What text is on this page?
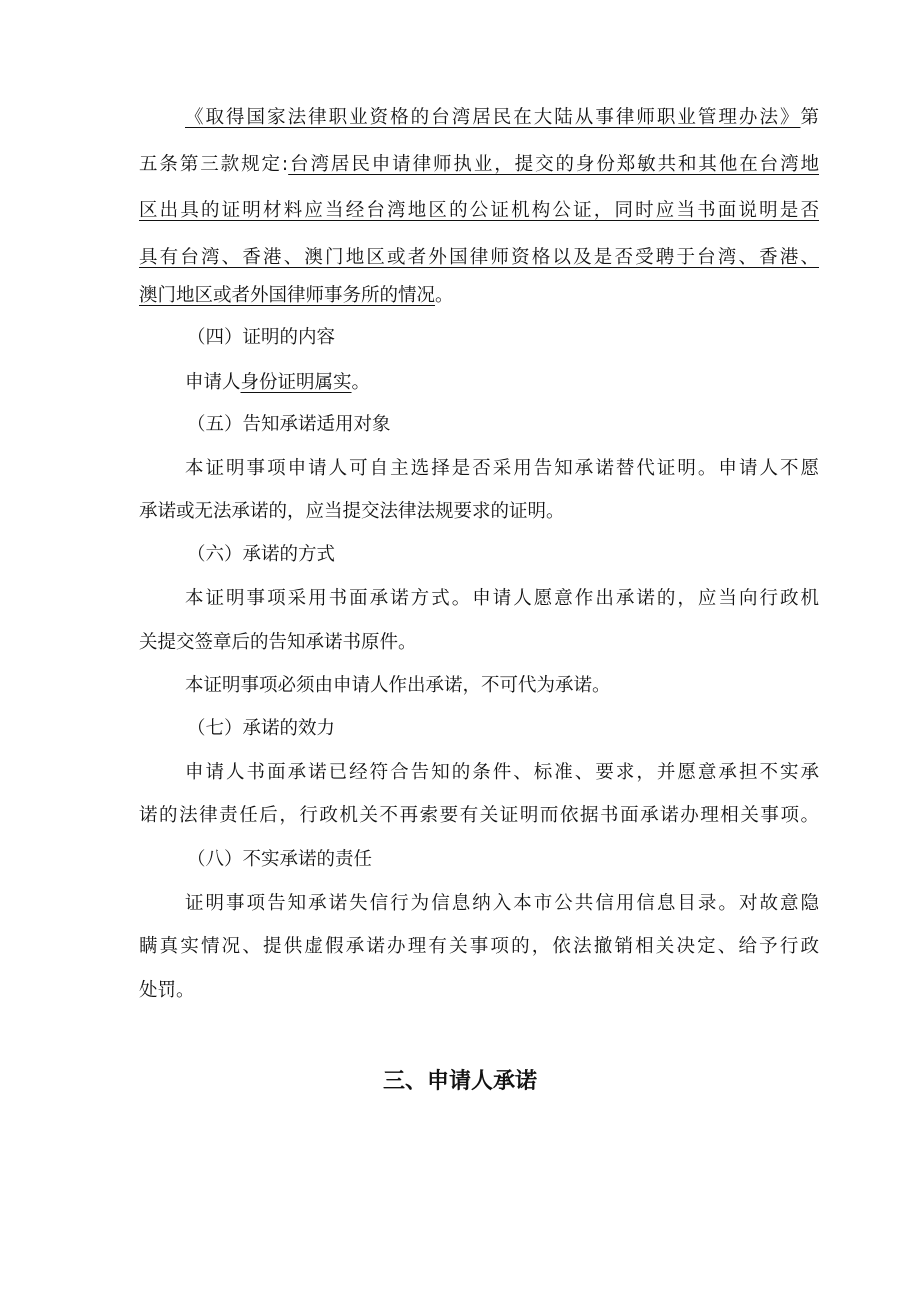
《取得国家法律职业资格的台湾居民在大陆从事律师职业管理办法》第
五条第三款规定:台湾居民申请律师执业，提交的身份郑敏共和其他在台湾地
区出具的证明材料应当经台湾地区的公证机构公证，同时应当书面说明是否
具有台湾、香港、澳门地区或者外国律师资格以及是否受聘于台湾、香港、
澳门地区或者外国律师事务所的情况。
（四）证明的内容
申请人身份证明属实。
（五）告知承诺适用对象
本证明事项申请人可自主选择是否采用告知承诺替代证明。申请人不愿
承诺或无法承诺的，应当提交法律法规要求的证明。
（六）承诺的方式
本证明事项采用书面承诺方式。申请人愿意作出承诺的，应当向行政机
关提交签章后的告知承诺书原件。
本证明事项必须由申请人作出承诺，不可代为承诺。
（七）承诺的效力
申请人书面承诺已经符合告知的条件、标准、要求，并愿意承担不实承
诺的法律责任后，行政机关不再索要有关证明而依据书面承诺办理相关事项。
（八）不实承诺的责任
证明事项告知承诺失信行为信息纳入本市公共信用信息目录。对故意隐
瞒真实情况、提供虚假承诺办理有关事项的，依法撤销相关决定、给予行政
处罚。
三、申请人承诺
